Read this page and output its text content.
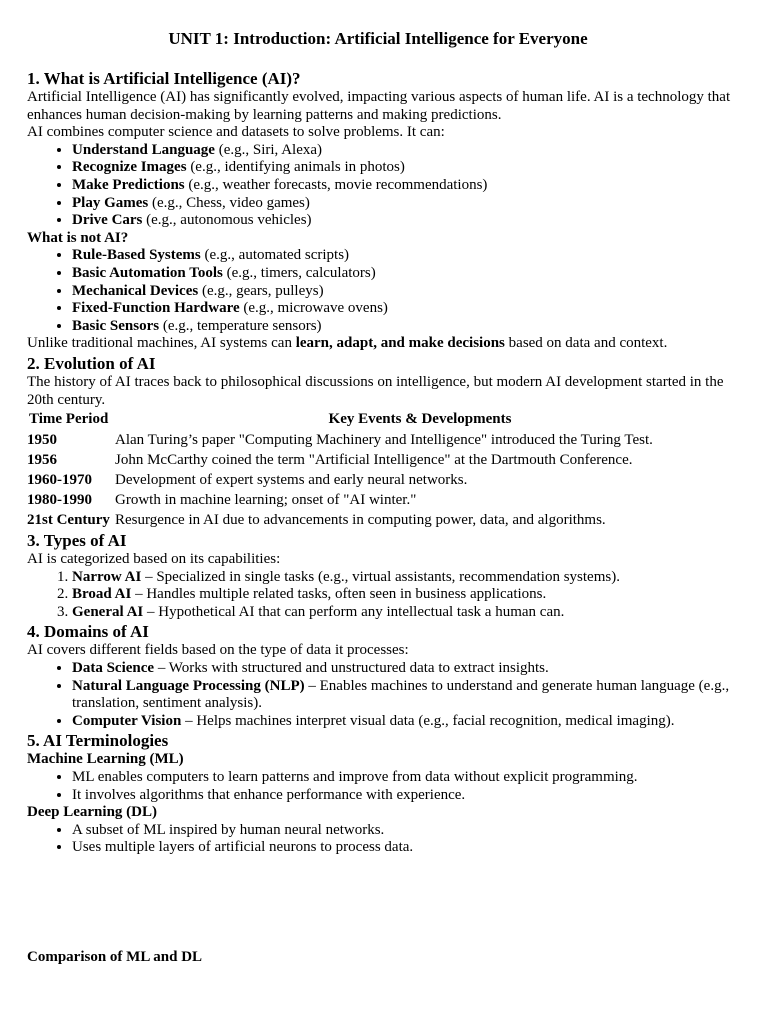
UNIT 1: Introduction: Artificial Intelligence for Everyone
1. What is Artificial Intelligence (AI)?

Artificial Intelligence (AI) has significantly evolved, impacting various aspects of human life. AI is a technology that enhances human decision-making by learning patterns and making predictions.

AI combines computer science and datasets to solve problems. It can:

• Understand Language (e.g., Siri, Alexa)
• Recognize Images (e.g., identifying animals in photos)
• Make Predictions (e.g., weather forecasts, movie recommendations)
• Play Games (e.g., Chess, video games)
• Drive Cars (e.g., autonomous vehicles)

What is not AI?

• Rule-Based Systems (e.g., automated scripts)
• Basic Automation Tools (e.g., timers, calculators)
• Mechanical Devices (e.g., gears, pulleys)
• Fixed-Function Hardware (e.g., microwave ovens)
• Basic Sensors (e.g., temperature sensors)

Unlike traditional machines, AI systems can learn, adapt, and make decisions based on data and context.

2. Evolution of AI

The history of AI traces back to philosophical discussions on intelligence, but modern AI development started in the 20th century.

Time Period	Key Events & Developments
1950	Alan Turing’s paper "Computing Machinery and Intelligence" introduced the Turing Test.
1956	John McCarthy coined the term "Artificial Intelligence" at the Dartmouth Conference.
1960-1970	Development of expert systems and early neural networks.
1980-1990	Growth in machine learning; onset of "AI winter."
21st Century	Resurgence in AI due to advancements in computing power, data, and algorithms.
3. Types of AI

AI is categorized based on its capabilities:

1. Narrow AI – Specialized in single tasks (e.g., virtual assistants, recommendation systems).
2. Broad AI – Handles multiple related tasks, often seen in business applications.
3. General AI – Hypothetical AI that can perform any intellectual task a human can.
4. Domains of AI

AI covers different fields based on the type of data it processes:

• Data Science – Works with structured and unstructured data to extract insights.
• Natural Language Processing (NLP) – Enables machines to understand and generate human language (e.g., translation, sentiment analysis).
• Computer Vision – Helps machines interpret visual data (e.g., facial recognition, medical imaging).
5. AI Terminologies

Machine Learning (ML)

• ML enables computers to learn patterns and improve from data without explicit programming.
• It involves algorithms that enhance performance with experience.

Deep Learning (DL)

• A subset of ML inspired by human neural networks.
• Uses multiple layers of artificial neurons to process data.
Comparison of ML and DL
